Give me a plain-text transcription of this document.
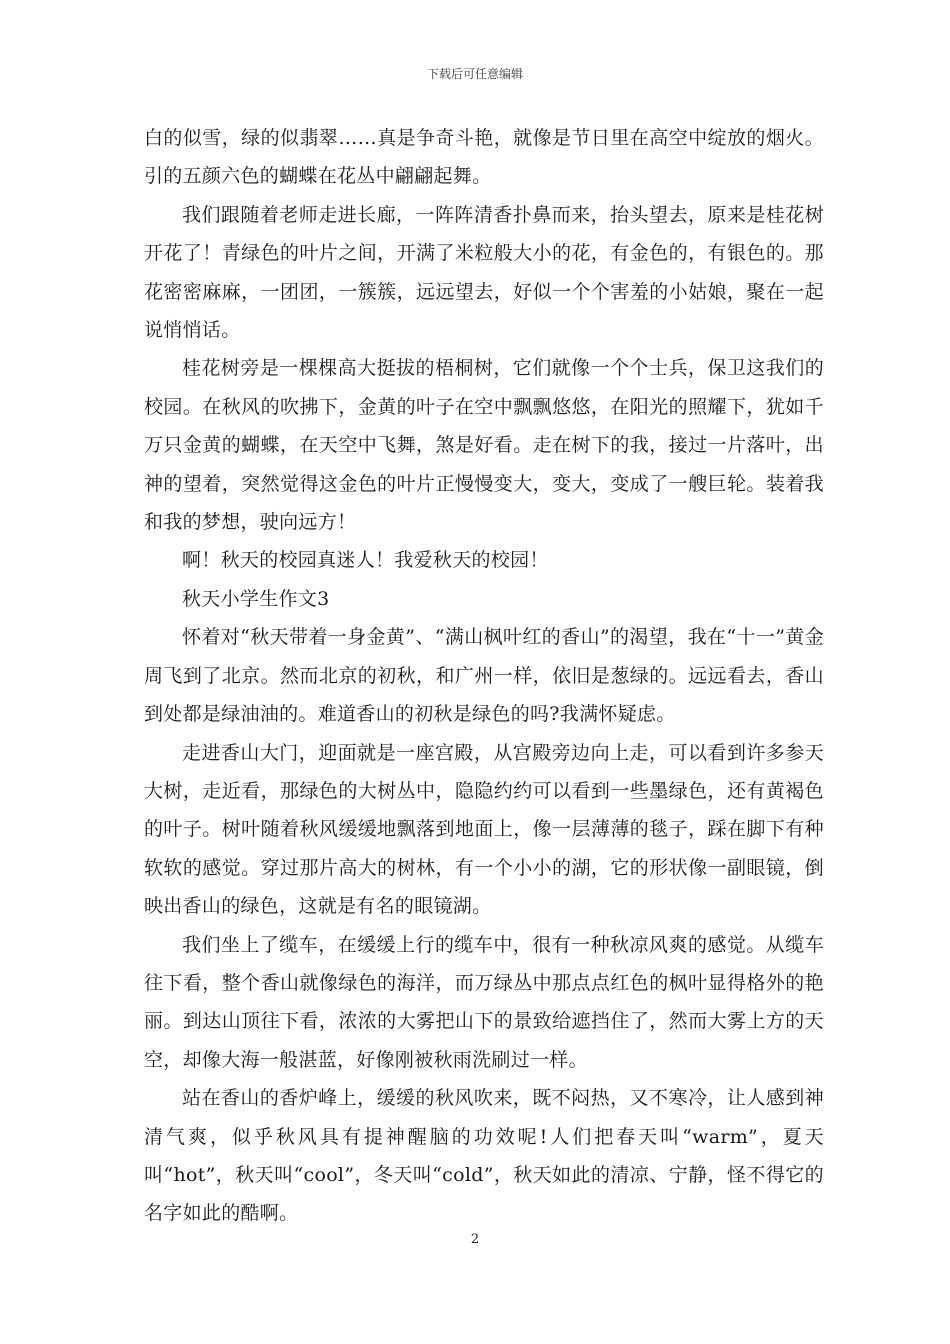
下载后可任意编辑

白的似雪，绿的似翡翠……真是争奇斗艳，就像是节日里在高空中绽放的烟火。引的五颜六色的蝴蝶在花丛中翩翩起舞。

我们跟随着老师走进长廊，一阵阵清香扑鼻而来，抬头望去，原来是桂花树开花了！青绿色的叶片之间，开满了米粒般大小的花，有金色的，有银色的。那花密密麻麻，一团团，一簇簇，远远望去，好似一个个害羞的小姑娘，聚在一起说悄悄话。

桂花树旁是一棵棵高大挺拔的梧桐树，它们就像一个个士兵，保卫这我们的校园。在秋风的吹拂下，金黄的叶子在空中飘飘悠悠，在阳光的照耀下，犹如千万只金黄的蝴蝶，在天空中飞舞，煞是好看。走在树下的我，接过一片落叶，出神的望着，突然觉得这金色的叶片正慢慢变大，变大，变成了一艘巨轮。装着我和我的梦想，驶向远方！

啊！秋天的校园真迷人！我爱秋天的校园！

秋天小学生作文3

怀着对“秋天带着一身金黄”、“满山枫叶红的香山”的渴望，我在“十一”黄金周飞到了北京。然而北京的初秋，和广州一样，依旧是葱绿的。远远看去，香山到处都是绿油油的。难道香山的初秋是绿色的吗?我满怀疑虑。

走进香山大门，迎面就是一座宫殿，从宫殿旁边向上走，可以看到许多参天大树，走近看，那绿色的大树丛中，隐隐约约可以看到一些墨绿色，还有黄褐色的叶子。树叶随着秋风缓缓地飘落到地面上，像一层薄薄的毯子，踩在脚下有种软软的感觉。穿过那片高大的树林，有一个小小的湖，它的形状像一副眼镜，倒映出香山的绿色，这就是有名的眼镜湖。

我们坐上了缆车，在缓缓上行的缆车中，很有一种秋凉风爽的感觉。从缆车往下看，整个香山就像绿色的海洋，而万绿丛中那点点红色的枫叶显得格外的艳丽。到达山顶往下看，浓浓的大雾把山下的景致给遮挡住了，然而大雾上方的天空，却像大海一般湛蓝，好像刚被秋雨洗刷过一样。

站在香山的香炉峰上，缓缓的秋风吹来，既不闷热，又不寒冷，让人感到神清气爽，似乎秋风具有提神醒脑的功效呢!人们把春天叫“warm”，夏天叫“hot”，秋天叫“cool”，冬天叫“cold”，秋天如此的清凉、宁静，怪不得它的名字如此的酷啊。

2
